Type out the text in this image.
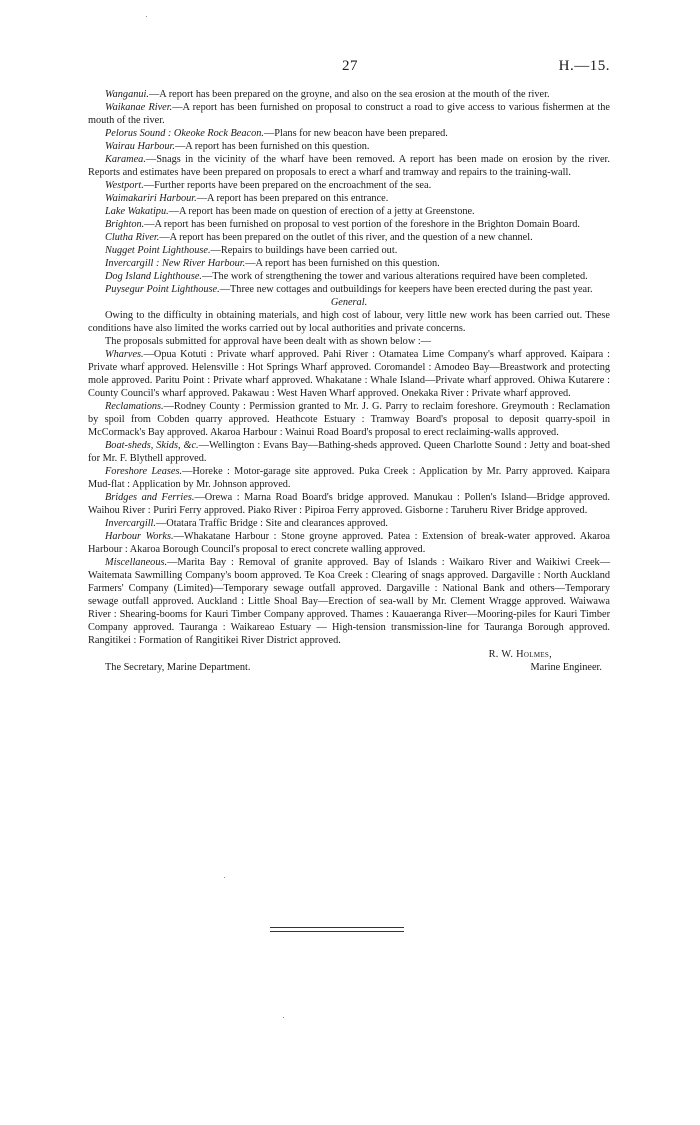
27	H.—15.

Wanganui.—A report has been prepared on the groyne, and also on the sea erosion at the mouth of the river.

Waikanae River.—A report has been furnished on proposal to construct a road to give access to various fishermen at the mouth of the river.

Pelorus Sound : Okeoke Rock Beacon.—Plans for new beacon have been prepared.

Wairau Harbour.—A report has been furnished on this question.

Karamea.—Snags in the vicinity of the wharf have been removed. A report has been made on erosion by the river. Reports and estimates have been prepared on proposals to erect a wharf and tramway and repairs to the training-wall.

Westport.—Further reports have been prepared on the encroachment of the sea.

Waimakariri Harbour.—A report has been prepared on this entrance.

Lake Wakatipu.—A report has been made on question of erection of a jetty at Greenstone.

Brighton.—A report has been furnished on proposal to vest portion of the foreshore in the Brighton Domain Board.

Clutha River.—A report has been prepared on the outlet of this river, and the question of a new channel.

Nugget Point Lighthouse.—Repairs to buildings have been carried out.

Invercargill : New River Harbour.—A report has been furnished on this question.

Dog Island Lighthouse.—The work of strengthening the tower and various alterations required have been completed.

Puysegur Point Lighthouse.—Three new cottages and outbuildings for keepers have been erected during the past year.

General.

Owing to the difficulty in obtaining materials, and high cost of labour, very little new work has been carried out. These conditions have also limited the works carried out by local authorities and private concerns.

The proposals submitted for approval have been dealt with as shown below :—

Wharves.—Opua Kotuti : Private wharf approved. Pahi River : Otamatea Lime Company's wharf approved. Kaipara : Private wharf approved. Helensville : Hot Springs Wharf approved. Coromandel : Amodeo Bay—Breastwork and protecting mole approved. Paritu Point : Private wharf approved. Whakatane : Whale Island—Private wharf approved. Ohiwa Kutarere : County Council's wharf approved. Pakawau : West Haven Wharf approved. Onekaka River : Private wharf approved.

Reclamations.—Rodney County : Permission granted to Mr. J. G. Parry to reclaim foreshore. Greymouth : Reclamation by spoil from Cobden quarry approved. Heathcote Estuary : Tramway Board's proposal to deposit quarry-spoil in McCormack's Bay approved. Akaroa Harbour : Wainui Road Board's proposal to erect reclaiming-walls approved.

Boat-sheds, Skids, &c.—Wellington : Evans Bay—Bathing-sheds approved. Queen Charlotte Sound : Jetty and boat-shed for Mr. F. Blythell approved.

Foreshore Leases.—Horeke : Motor-garage site approved. Puka Creek : Application by Mr. Parry approved. Kaipara Mud-flat : Application by Mr. Johnson approved.

Bridges and Ferries.—Orewa : Marna Road Board's bridge approved. Manukau : Pollen's Island—Bridge approved. Waihou River : Puriri Ferry approved. Piako River : Pipiroa Ferry approved. Gisborne : Taruheru River Bridge approved.

Invercargill.—Otatara Traffic Bridge : Site and clearances approved.

Harbour Works.—Whakatane Harbour : Stone groyne approved. Patea : Extension of break-water approved. Akaroa Harbour : Akaroa Borough Council's proposal to erect concrete walling approved.

Miscellaneous.—Marita Bay : Removal of granite approved. Bay of Islands : Waikaro River and Waikiwi Creek—Waitemata Sawmilling Company's boom approved. Te Koa Creek : Clearing of snags approved. Dargaville : North Auckland Farmers' Company (Limited)—Temporary sewage outfall approved. Dargaville : National Bank and others—Temporary sewage outfall approved. Auckland : Little Shoal Bay—Erection of sea-wall by Mr. Clement Wragge approved. Waiwawa River : Shearing-booms for Kauri Timber Company approved. Thames : Kauaeranga River—Mooring-piles for Kauri Timber Company approved. Tauranga : Waikareao Estuary — High-tension transmission-line for Tauranga Borough approved. Rangitikei : Formation of Rangitikei River District approved.

R. W. Holmes,
The Secretary, Marine Department.	Marine Engineer.
